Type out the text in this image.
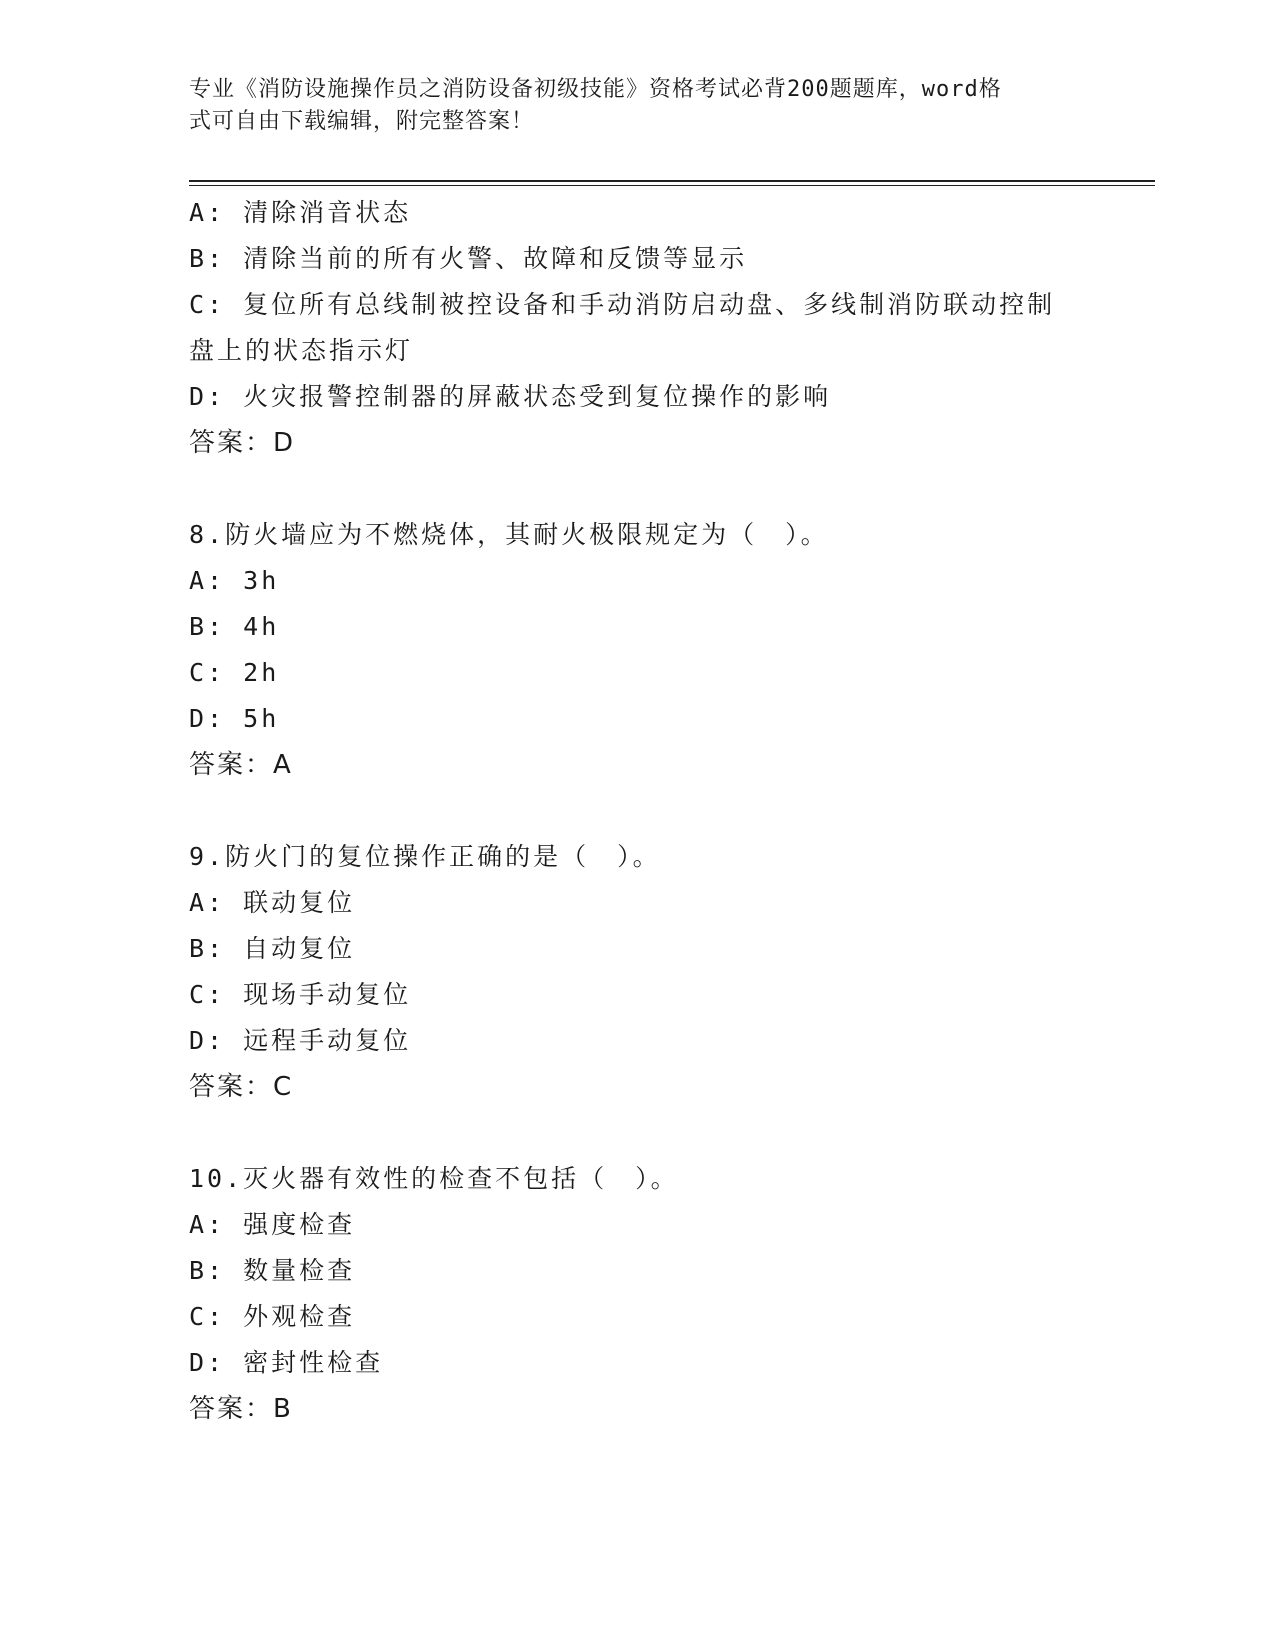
专业《消防设施操作员之消防设备初级技能》资格考试必背200题题库，word格
式可自由下载编辑，附完整答案！
A: 清除消音状态
B: 清除当前的所有火警、故障和反馈等显示
C: 复位所有总线制被控设备和手动消防启动盘、多线制消防联动控制
盘上的状态指示灯
D: 火灾报警控制器的屏蔽状态受到复位操作的影响
答案：D
8.防火墙应为不燃烧体，其耐火极限规定为（　）。
A: 3h
B: 4h
C: 2h
D: 5h
答案：A
9.防火门的复位操作正确的是（　）。
A: 联动复位
B: 自动复位
C: 现场手动复位
D: 远程手动复位
答案：C
10.灭火器有效性的检查不包括（　）。
A: 强度检查
B: 数量检查
C: 外观检查
D: 密封性检查
答案：B
